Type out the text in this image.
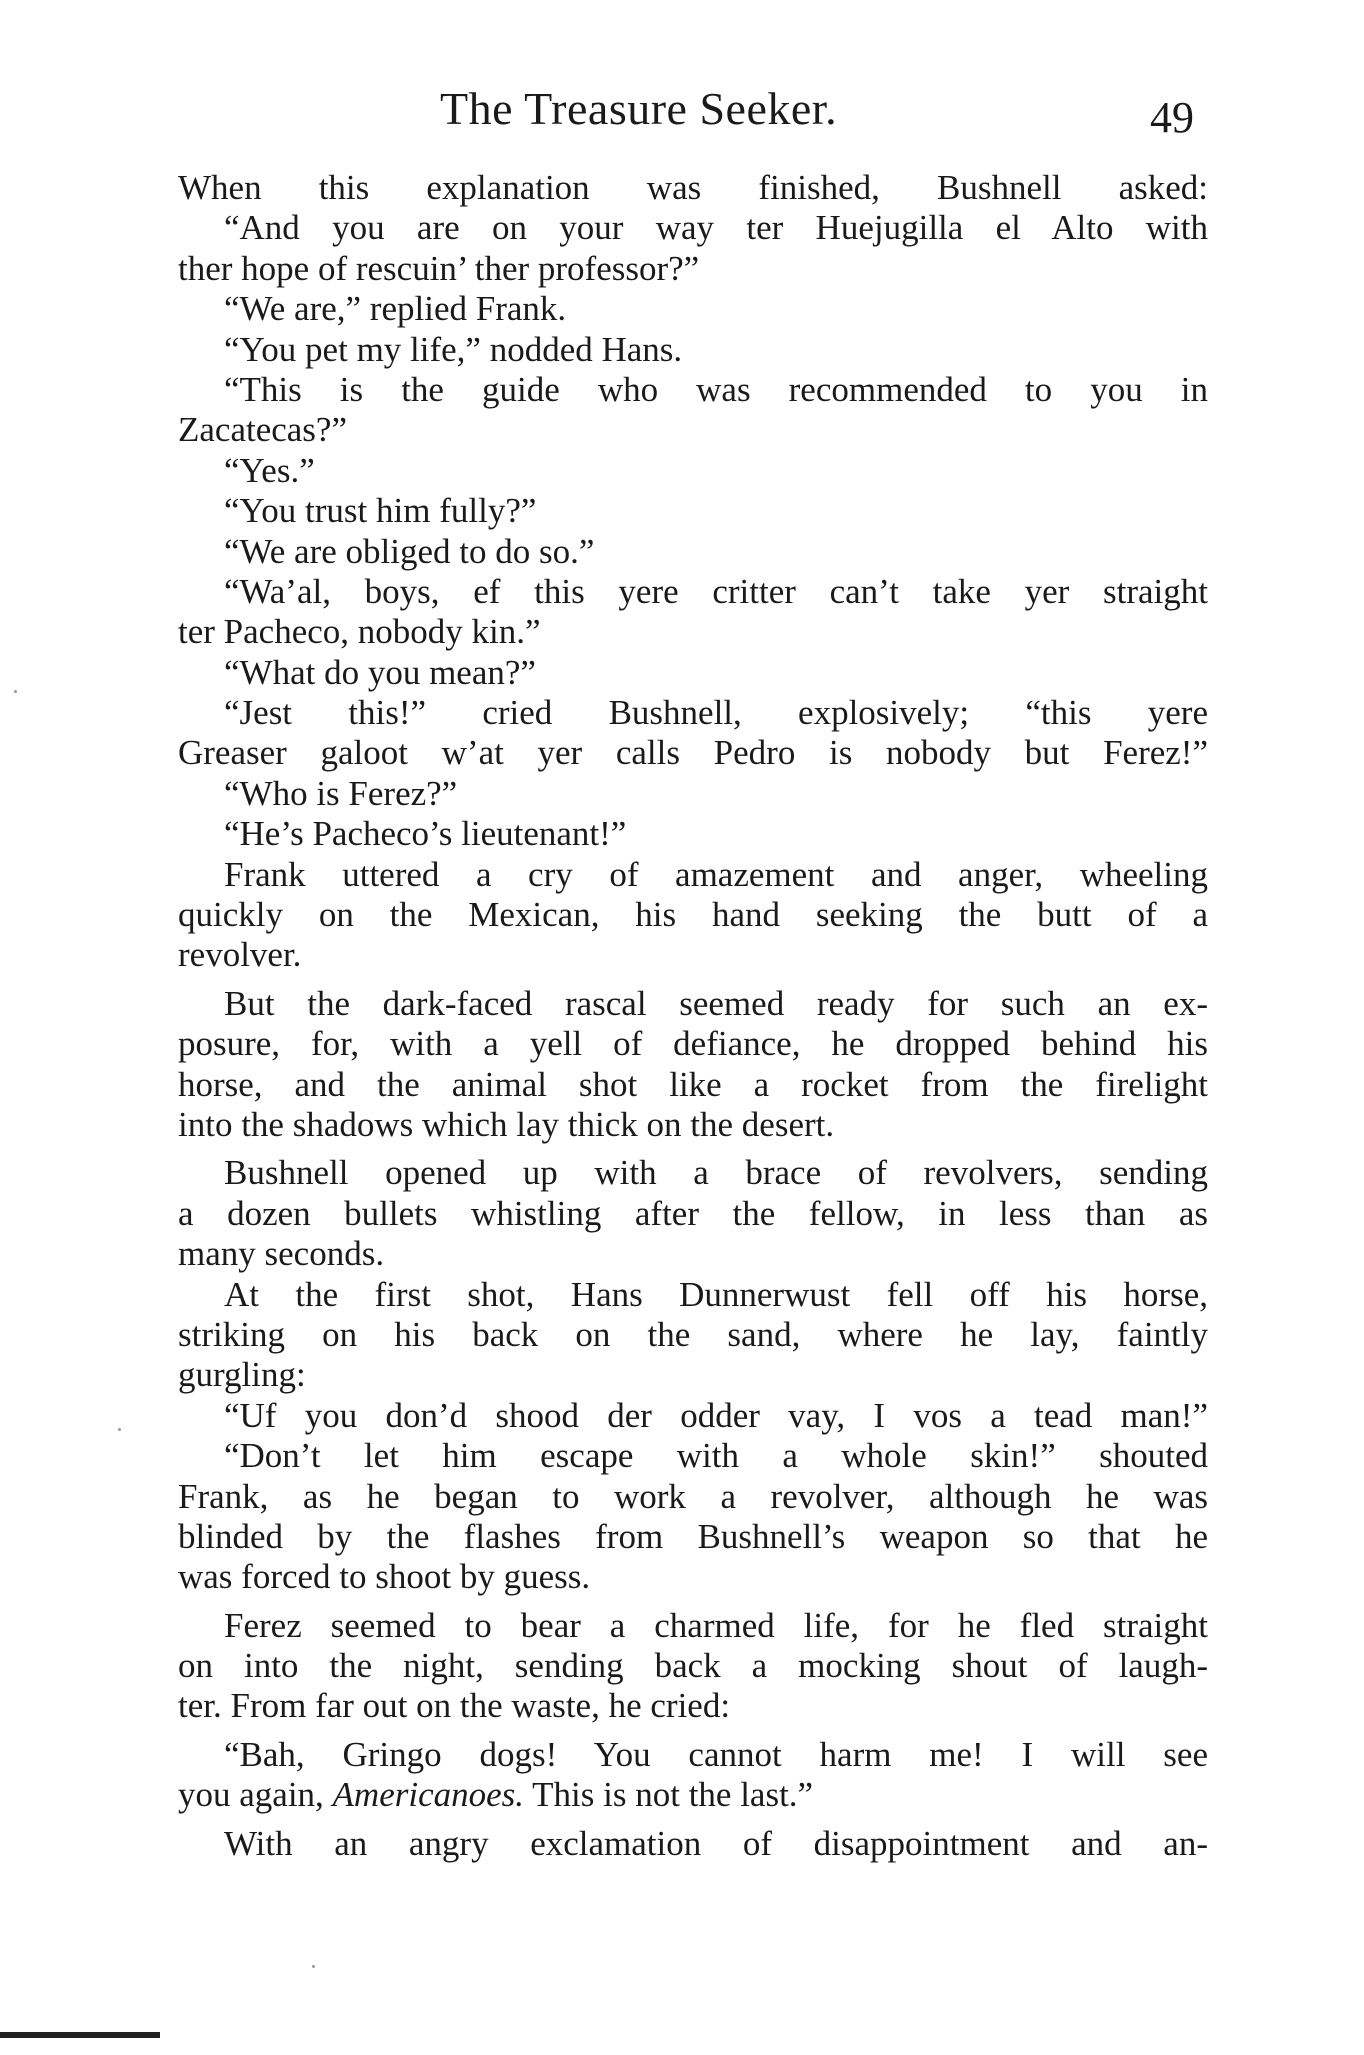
The Treasure Seeker.	49
When this explanation was finished, Bushnell asked:
“And you are on your way ter Huejugilla el Alto with
ther hope of rescuin’ ther professor?”
“We are,” replied Frank.
“You pet my life,” nodded Hans.
“This is the guide who was recommended to you in
Zacatecas?”
“Yes.”
“You trust him fully?”
“We are obliged to do so.”
“Wa’al, boys, ef this yere critter can’t take yer straight
ter Pacheco, nobody kin.”
“What do you mean?”
“Jest this!” cried Bushnell, explosively; “this yere
Greaser galoot w’at yer calls Pedro is nobody but Ferez!”
“Who is Ferez?”
“He’s Pacheco’s lieutenant!”
Frank uttered a cry of amazement and anger, wheeling
quickly on the Mexican, his hand seeking the butt of a
revolver.
But the dark-faced rascal seemed ready for such an ex-
posure, for, with a yell of defiance, he dropped behind his
horse, and the animal shot like a rocket from the firelight
into the shadows which lay thick on the desert.
Bushnell opened up with a brace of revolvers, sending
a dozen bullets whistling after the fellow, in less than as
many seconds.
At the first shot, Hans Dunnerwust fell off his horse,
striking on his back on the sand, where he lay, faintly
gurgling:
“Uf you don’d shood der odder vay, I vos a tead man!”
“Don’t let him escape with a whole skin!” shouted
Frank, as he began to work a revolver, although he was
blinded by the flashes from Bushnell’s weapon so that he
was forced to shoot by guess.
Ferez seemed to bear a charmed life, for he fled straight
on into the night, sending back a mocking shout of laugh-
ter. From far out on the waste, he cried:
“Bah, Gringo dogs! You cannot harm me! I will see
you again, Americanoes. This is not the last.”
With an angry exclamation of disappointment and an-
